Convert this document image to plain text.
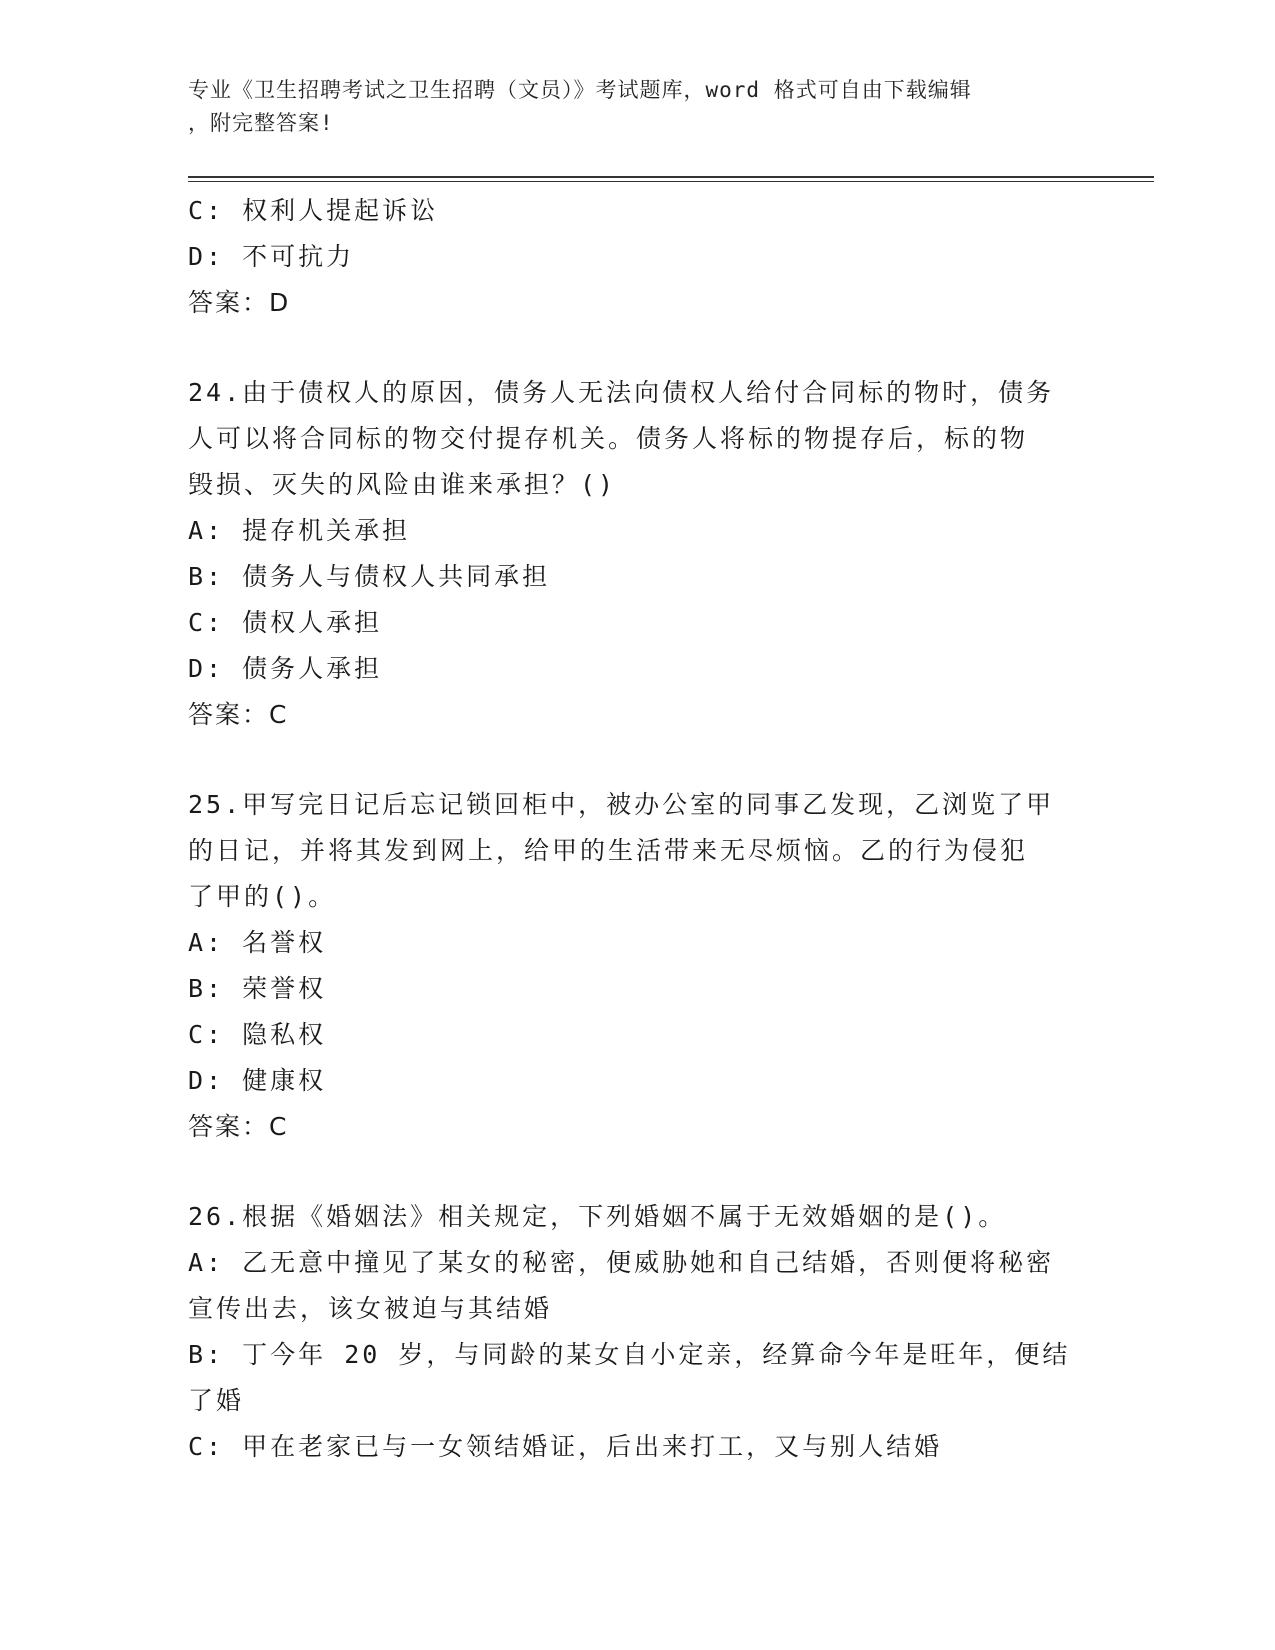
专业《卫生招聘考试之卫生招聘（文员）》考试题库，word 格式可自由下载编辑
，附完整答案!
C: 权利人提起诉讼
D: 不可抗力
答案：D
24.由于债权人的原因，债务人无法向债权人给付合同标的物时，债务
人可以将合同标的物交付提存机关。债务人将标的物提存后，标的物
毁损、灭失的风险由谁来承担？()
A: 提存机关承担
B: 债务人与债权人共同承担
C: 债权人承担
D: 债务人承担
答案：C
25.甲写完日记后忘记锁回柜中，被办公室的同事乙发现，乙浏览了甲
的日记，并将其发到网上，给甲的生活带来无尽烦恼。乙的行为侵犯
了甲的()。
A: 名誉权
B: 荣誉权
C: 隐私权
D: 健康权
答案：C
26.根据《婚姻法》相关规定，下列婚姻不属于无效婚姻的是()。
A: 乙无意中撞见了某女的秘密，便威胁她和自己结婚，否则便将秘密
宣传出去，该女被迫与其结婚
B: 丁今年 20 岁，与同龄的某女自小定亲，经算命今年是旺年，便结
了婚
C: 甲在老家已与一女领结婚证，后出来打工，又与别人结婚
